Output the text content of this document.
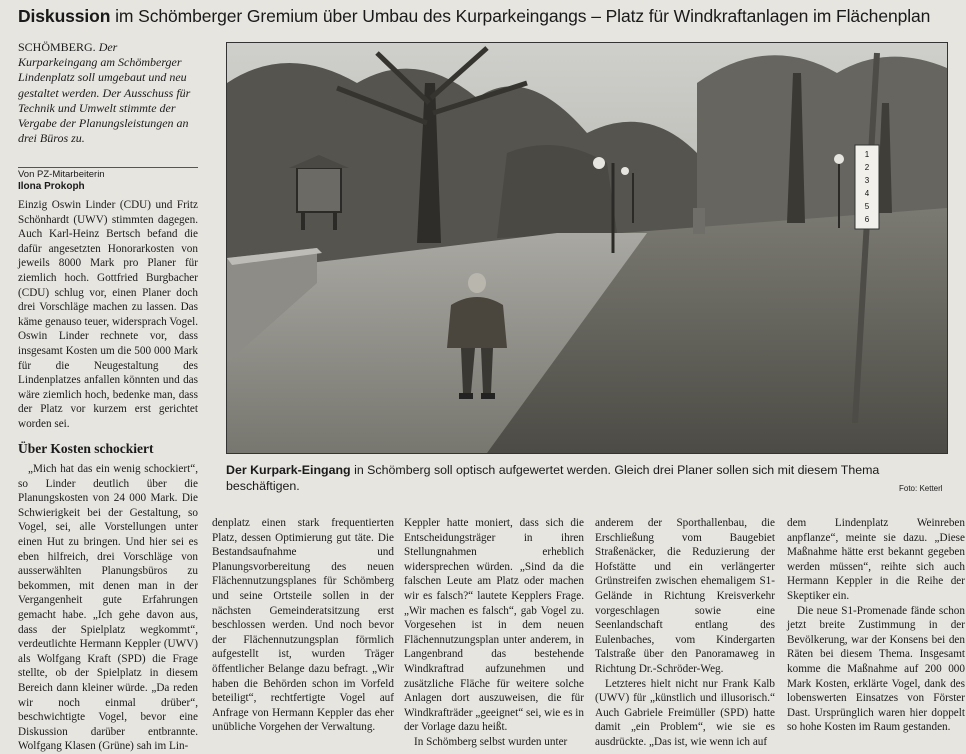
Diskussion im Schömberger Gremium über Umbau des Kurparkeingangs – Platz für Windkraftanlagen im Flächenplan
SCHÖMBERG. Der Kurparkeingang am Schömberger Lindenplatz soll umgebaut und neu gestaltet werden. Der Ausschuss für Technik und Umwelt stimmte der Vergabe der Planungsleistungen an drei Büros zu.
Von PZ-Mitarbeiterin
Ilona Prokoph

Einzig Oswin Linder (CDU) und Fritz Schönhardt (UWV) stimmten dagegen. Auch Karl-Heinz Bertsch befand die dafür angesetzten Honorarkosten von jeweils 8000 Mark pro Planer für ziemlich hoch. Gottfried Burgbacher (CDU) schlug vor, einen Planer doch drei Vorschläge machen zu lassen. Das käme genauso teuer, widersprach Vogel. Oswin Linder rechnete vor, dass insgesamt Kosten um die 500 000 Mark für die Neugestaltung des Lindenplatzes anfallen könnten und das wäre ziemlich hoch, bedenke man, dass der Platz vor kurzem erst gerichtet worden sei.

Über Kosten schockiert

„Mich hat das ein wenig schockiert“, so Linder deutlich über die Planungskosten von 24 000 Mark. Die Schwierigkeit bei der Gestaltung, so Vogel, sei, alle Vorstellungen unter einen Hut zu bringen. Und hier sei es eben hilfreich, drei Vorschläge von ausserwählten Planungsbüros zu bekommen, mit denen man in der Vergangenheit gute Erfahrungen gemacht habe. „Ich gehe davon aus, dass der Spielplatz wegkommt“, verdeutlichte Hermann Keppler (UWV) als Wolfgang Kraft (SPD) die Frage stellte, ob der Spielplatz in diesem Bereich dann kleiner würde. „Da reden wir noch einmal drüber“, beschwichtigte Vogel, bevor eine Diskussion darüber entbrannte. Wolfgang Klasen (Grüne) sah im Lin-

1
2
3
4
5
6
Der Kurpark-Eingang in Schömberg soll optisch aufgewertet werden. Gleich drei Planer sollen sich mit diesem Thema beschäftigen.	Foto: Ketterl

denplatz einen stark frequentierten Platz, dessen Optimierung gut täte. Die Bestandsaufnahme und Planungsvorbereitung des neuen Flächennutzungsplanes für Schömberg und seine Ortsteile sollen in der nächsten Gemeinderatsitzung erst beschlossen werden. Und noch bevor der Flächennutzungsplan förmlich aufgestellt ist, wurden Träger öffentlicher Belange dazu befragt. „Wir haben die Behörden schon im Vorfeld beteiligt“, rechtfertigte Vogel auf Anfrage von Hermann Keppler das eher unübliche Vorgehen der Verwaltung.

Keppler hatte moniert, dass sich die Entscheidungsträger in ihren Stellungnahmen erheblich widersprechen würden. „Sind da die falschen Leute am Platz oder machen wir es falsch?“ lautete Kepplers Frage. „Wir machen es falsch“, gab Vogel zu. Vorgesehen ist in dem neuen Flächennutzungsplan unter anderem, in Langenbrand das bestehende Windkraftrad aufzunehmen und zusätzliche Fläche für weitere solche Anlagen dort auszuweisen, die für Windkrafträder „geeignet“ sei, wie es in der Vorlage dazu heißt.

In Schömberg selbst wurden unter

anderem der Sporthallenbau, die Erschließung vom Baugebiet Straßenäcker, die Reduzierung der Hofstätte und ein verlängerter Grünstreifen zwischen ehemaligem S1-Gelände in Richtung Kreisverkehr vorgeschlagen sowie eine Seenlandschaft entlang des Eulenbaches, vom Kindergarten Talstraße über den Panoramaweg in Richtung Dr.-Schröder-Weg.

Letzteres hielt nicht nur Frank Kalb (UWV) für „künstlich und illusorisch.“ Auch Gabriele Freimüller (SPD) hatte damit „ein Problem“, wie sie es ausdrückte. „Das ist, wie wenn ich auf

dem Lindenplatz Weinreben anpflanze“, meinte sie dazu. „Diese Maßnahme hätte erst bekannt gegeben werden müssen“, reihte sich auch Hermann Keppler in die Reihe der Skeptiker ein.

Die neue S1-Promenade fände schon jetzt breite Zustimmung in der Bevölkerung, war der Konsens bei den Räten bei diesem Thema. Insgesamt komme die Maßnahme auf 200 000 Mark Kosten, erklärte Vogel, dank des lobenswerten Einsatzes von Förster Dast. Ursprünglich waren hier doppelt so hohe Kosten im Raum gestanden.
